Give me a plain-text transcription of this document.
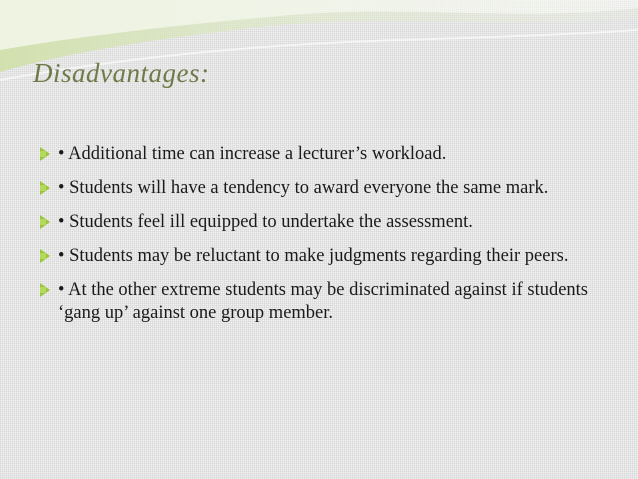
Disadvantages:
• Additional time can increase a lecturer’s workload.
• Students will have a tendency to award everyone the same mark.
• Students feel ill equipped to undertake the assessment.
• Students may be reluctant to make judgments regarding their peers.
• At the other extreme students may be discriminated against if students ‘gang up’ against one group member.
